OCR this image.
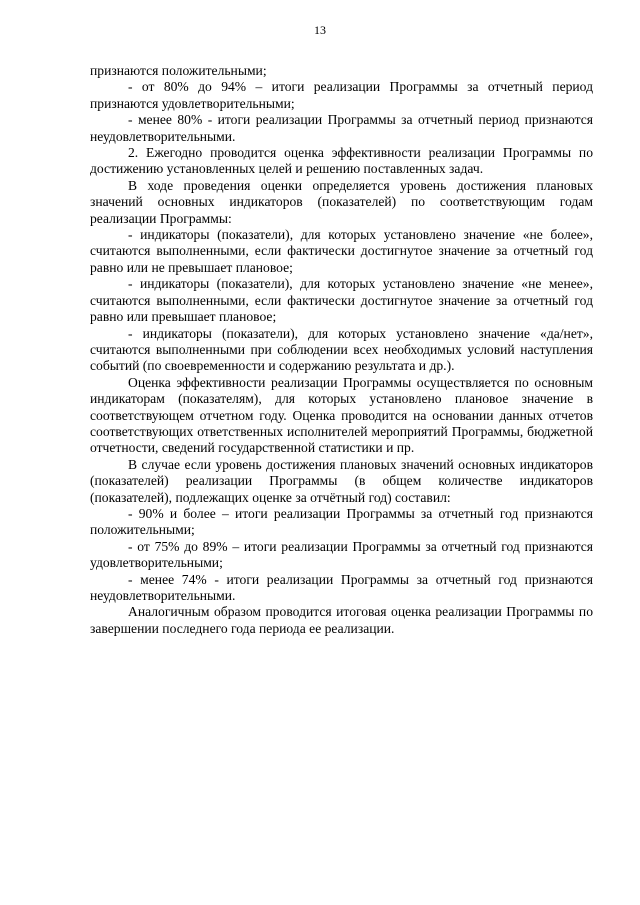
13

признаются положительными;

- от 80% до 94% – итоги реализации Программы за отчетный период признаются удовлетворительными;

- менее 80% - итоги реализации Программы за отчетный период признаются неудовлетворительными.

2. Ежегодно проводится оценка эффективности реализации Программы по достижению установленных целей и решению поставленных задач.

В ходе проведения оценки определяется уровень достижения плановых значений основных индикаторов (показателей) по соответствующим годам реализации Программы:

- индикаторы (показатели), для которых установлено значение «не более», считаются выполненными, если фактически достигнутое значение за отчетный год равно или не превышает плановое;

- индикаторы (показатели), для которых установлено значение «не менее», считаются выполненными, если фактически достигнутое значение за отчетный год равно или превышает плановое;

- индикаторы (показатели), для которых установлено значение «да/нет», считаются выполненными при соблюдении всех необходимых условий наступления событий (по своевременности и содержанию результата и др.).

Оценка эффективности реализации Программы осуществляется по основным индикаторам (показателям), для которых установлено плановое значение в соответствующем отчетном году. Оценка проводится на основании данных отчетов соответствующих ответственных исполнителей мероприятий Программы, бюджетной отчетности, сведений государственной статистики и пр.

В случае если уровень достижения плановых значений основных индикаторов (показателей) реализации Программы (в общем количестве индикаторов (показателей), подлежащих оценке за отчётный год) составил:

- 90% и более – итоги реализации Программы за отчетный год признаются положительными;

- от 75% до 89% – итоги реализации Программы за отчетный год признаются удовлетворительными;

- менее 74% - итоги реализации Программы за отчетный год признаются неудовлетворительными.

Аналогичным образом проводится итоговая оценка реализации Программы по завершении последнего года периода ее реализации.
